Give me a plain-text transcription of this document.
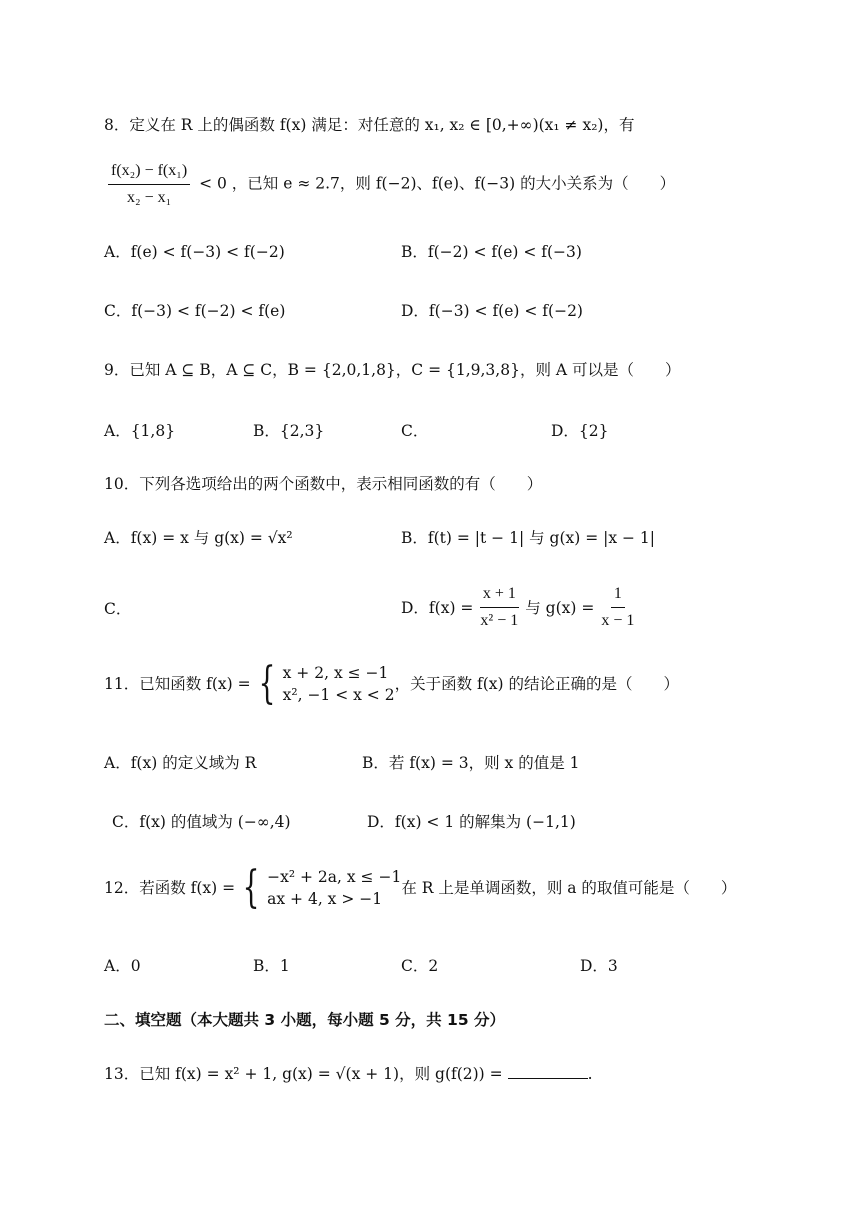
8．定义在 R 上的偶函数 f(x) 满足：对任意的 x₁, x₂ ∈ [0,+∞)(x₁ ≠ x₂)，有
$\frac{\text{f(x₂) − f(x₁)}}{\text{x₂ − x₁}} < 0$ ，已知 e ≈ 2.7，则 f(−2)、f(e)、f(−3) 的大小关系为（　　）
A．f(e) < f(−3) < f(−2)	B．f(−2) < f(e) < f(−3)
C．f(−3) < f(−2) < f(e)	D．f(−3) < f(e) < f(−2)
9．已知 A ⊆ B，A ⊆ C，B = {2,0,1,8}，C = {1,9,3,8}，则 A 可以是（　　）
A．{1,8}	B．{2,3}	C．	D．{2}
10．下列各选项给出的两个函数中，表示相同函数的有（　　）
A．f(x) = x 与 g(x) = √x²	B．f(t) = |t − 1| 与 g(x) = |x − 1|
C．	D．$f(x) = \frac{x + 1}{\text{x² − 1}}$ 与 $g(x) = \frac{1}{x - 1}$
11．已知函数 f(x) = { x + 2, x ≤ −1
x², −1 < x < 2
，关于函数 f(x) 的结论正确的是（　　）
A．f(x) 的定义域为 R	B．若 f(x) = 3，则 x 的值是 1
C．f(x) 的值域为 (−∞,4)	D．f(x) < 1 的解集为 (−1,1)
12．若函数 f(x) = { −x² + 2a, x ≤ −1
ax + 4, x > −1
在 R 上是单调函数，则 a 的取值可能是（　　）
A．0	B．1	C．2	D．3
二、填空题（本大题共 3 小题，每小题 5 分，共 15 分）
13．已知 f(x) = x² + 1, g(x) = √(x + 1)，则 g(f(2)) =	.
